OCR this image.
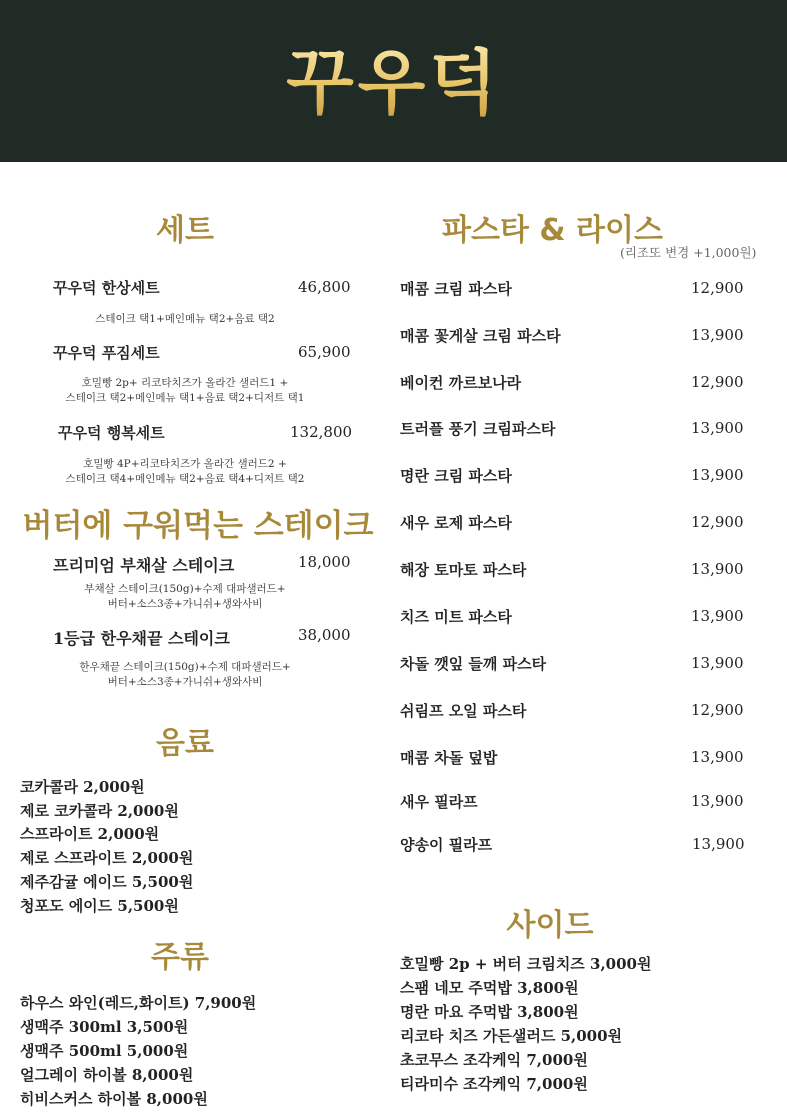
꾸우덕
세트
꾸우덕 한상세트	46,800
스테이크 택1+메인메뉴 택2+음료 택2
꾸우덕 푸짐세트	65,900
호밀빵 2p+ 리코타치즈가 올라간 샐러드1 +
스테이크 택2+메인메뉴 택1+음료 택2+디저트 택1
꾸우덕 행복세트	132,800
호밀빵 4P+리코타치즈가 올라간 샐러드2 +
스테이크 택4+메인메뉴 택2+음료 택4+디저트 택2
버터에 구워먹는 스테이크
프리미엄 부채살 스테이크	18,000
부채살 스테이크(150g)+수제 대파샐러드+
버터+소스3종+가니쉬+생와사비
1등급 한우채끝 스테이크	38,000
한우채끝 스테이크(150g)+수제 대파샐러드+
버터+소스3종+가니쉬+생와사비
음료
코카콜라 2,000원
제로 코카콜라 2,000원
스프라이트 2,000원
제로 스프라이트 2,000원
제주감귤 에이드 5,500원
청포도 에이드 5,500원
주류
하우스 와인(레드,화이트) 7,900원
생맥주 300ml 3,500원
생맥주 500ml 5,000원
얼그레이 하이볼 8,000원
히비스커스 하이볼 8,000원
파스타 & 라이스
(리조또 변경 +1,000원)
매콤 크림 파스타	12,900
매콤 꽃게살 크림 파스타	13,900
베이컨 까르보나라	12,900
트러플 풍기 크림파스타	13,900
명란 크림 파스타	13,900
새우 로제 파스타	12,900
해장 토마토 파스타	13,900
치즈 미트 파스타	13,900
차돌 깻잎 들깨 파스타	13,900
쉬림프 오일 파스타	12,900
매콤 차돌 덮밥	13,900
새우 필라프	13,900
양송이 필라프	13,900
사이드
호밀빵 2p + 버터 크림치즈 3,000원
스팸 네모 주먹밥 3,800원
명란 마요 주먹밥 3,800원
리코타 치즈 가든샐러드 5,000원
초코무스 조각케익 7,000원
티라미수 조각케익 7,000원
